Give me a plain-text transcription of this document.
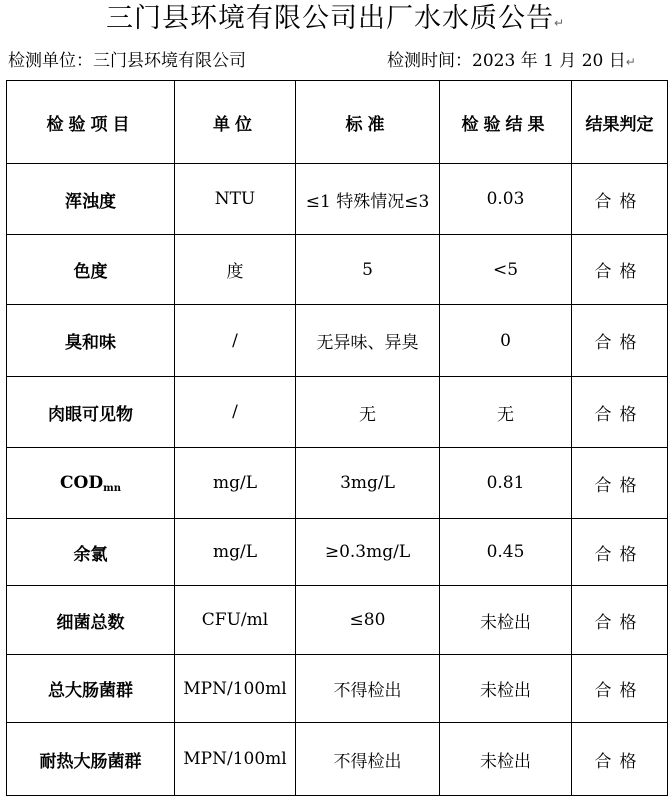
三门县环境有限公司出厂水水质公告↵
检测单位：三门县环境有限公司	检测时间：2023 年 1 月 20 日↵
检验项目	单位	标准	检验结果	结果判定
浑浊度	NTU	≤1 特殊情况≤3	0.03	合格
色度	度	5	<5	合格
臭和味	/	无异味、异臭	0	合格
肉眼可见物	/	无	无	合格
$COD_{mn}$	mg/L	3mg/L	0.81	合格
余氯	mg/L	≥0.3mg/L	0.45	合格
细菌总数	CFU/ml	≤80	未检出	合格
总大肠菌群	MPN/100ml	不得检出	未检出	合格
耐热大肠菌群	MPN/100ml	不得检出	未检出	合格
